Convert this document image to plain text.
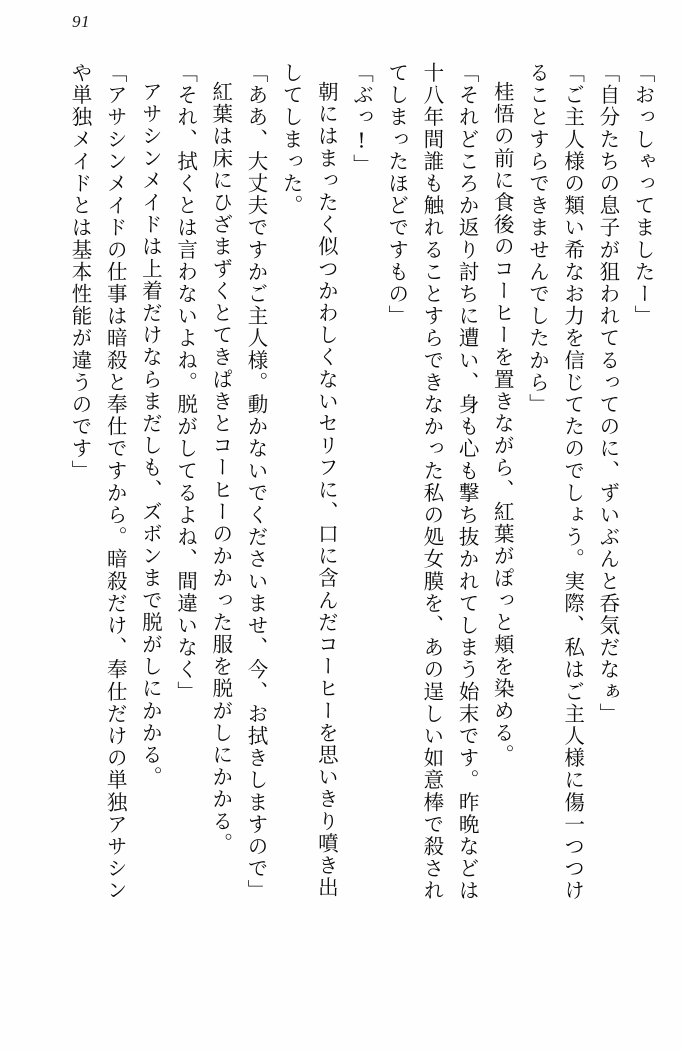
91
「おっしゃってましたー」
「自分たちの息子が狙われてるってのに、ずいぶんと呑気だなぁ」
「ご主人様の類い希なお力を信じてたのでしょう。実際、私はご主人様に傷一つつけ
ることすらできませんでしたから」
桂悟の前に食後のコーヒーを置きながら、紅葉がぽっと頬を染める。
「それどころか返り討ちに遭い、身も心も撃ち抜かれてしまう始末です。昨晩などは
十八年間誰も触れることすらできなかった私の処女膜を、あの逞しい如意棒で殺され
てしまったほどですもの」
「ぶっ!」
朝にはまったく似つかわしくないセリフに、口に含んだコーヒーを思いきり噴き出
してしまった。
「ああ、大丈夫ですかご主人様。動かないでくださいませ、今、お拭きしますので」
紅葉は床にひざまずくとてきぱきとコーヒーのかかった服を脱がしにかかる。
「それ、拭くとは言わないよね。脱がしてるよね、間違いなく」
アサシンメイドは上着だけならまだしも、ズボンまで脱がしにかかる。
「アサシンメイドの仕事は暗殺と奉仕ですから。暗殺だけ、奉仕だけの単独アサシン
や単独メイドとは基本性能が違うのです」
